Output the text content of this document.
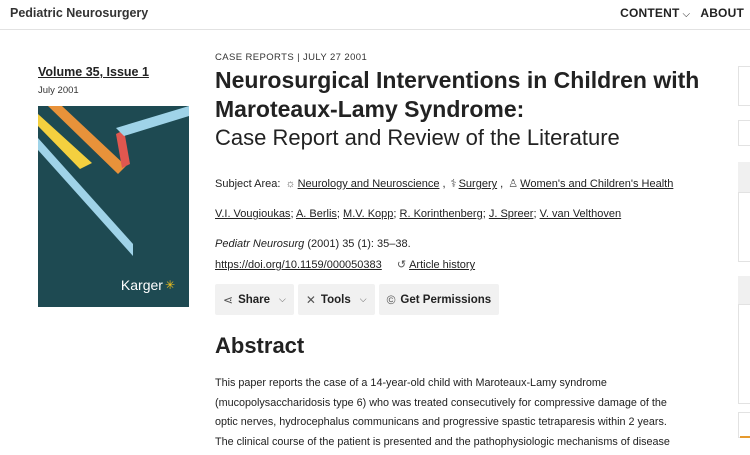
Pediatric Neurosurgery	CONTENT ⌵ ABOUT
Volume 35, Issue 1
July 2001
Karger ✳
CASE REPORTS | JULY 27 2001
Neurosurgical Interventions in Children with Maroteaux-Lamy Syndrome:
Case Report and Review of the Literature
Subject Area: ☼ Neurology and Neuroscience , ⚕ Surgery , ♙ Women's and Children's Health
V.I. Vougioukas; A. Berlis; M.V. Kopp; R. Korinthenberg; J. Spreer; V. van Velthoven
Pediatr Neurosurg (2001) 35 (1): 35–38.
https://doi.org/10.1159/000050383 ↺ Article history
⋖ Share ⌵ ✕ Tools ⌵ © Get Permissions
Abstract
This paper reports the case of a 14-year-old child with Maroteaux-Lamy syndrome
(mucopolysaccharidosis type 6) who was treated consecutively for compressive damage of the
optic nerves, hydrocephalus communicans and progressive spastic tetraparesis within 2 years.
The clinical course of the patient is presented and the pathophysiologic mechanisms of disease
